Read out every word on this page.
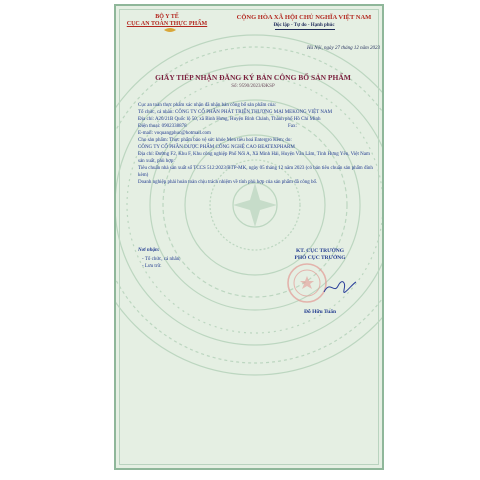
BỘ Y TẾ
CỤC AN TOÀN THỰC PHẨM
CỘNG HÒA XÃ HỘI CHỦ NGHĨA VIỆT NAM
Độc lập - Tự do - Hạnh phúc
Hà Nội, ngày 27 tháng 12 năm 2023
GIẤY TIẾP NHẬN ĐĂNG KÝ BẢN CÔNG BỐ SẢN PHẨM
Số: 9590/2023/ĐKSP

Cục an toàn thực phẩm xác nhận đã nhận bản công bố sản phẩm của:

Tổ chức, cá nhân: CÔNG TY CỔ PHẦN PHÁT TRIỂN THƯƠNG MẠI MEKONG VIỆT NAM

Địa chỉ: A20/21B Quốc lộ 50, xã Bình Hưng, Huyện Bình Chánh, Thành phố Hồ Chí Minh

Điện thoại: 0902338878	Fax:

E-mail: voquangphuc@hotmail.com

Cho sản phẩm: Thực phẩm bảo vệ sức khỏe Men tiêu hoá Entergro Kềm; do:

CÔNG TY CỔ PHẦN DƯỢC PHẨM CÔNG NGHỆ CAO BEATEXPHARM

Địa chỉ: Đường F2, Khu F, Khu công nghiệp Phố Nối A, Xã Minh Hải, Huyện Văn Lâm, Tỉnh Hưng Yên, Việt Nam sản xuất, phù hợp:

Tiêu chuẩn nhà sản xuất số TCCS 512:2023/BTP-MK, ngày 05 tháng 12 năm 2023 (có bản tiêu chuẩn sản phẩm đính kèm)

Doanh nghiệp phải hoàn toàn chịu trách nhiệm về tính phù hợp của sản phẩm đã công bố.

Nơi nhận:
- Tổ chức, cá nhân;
- Lưu trữ.
KT. CỤC TRƯỞNG
PHÓ CỤC TRƯỞNG
Đỗ Hữu Tuấn
